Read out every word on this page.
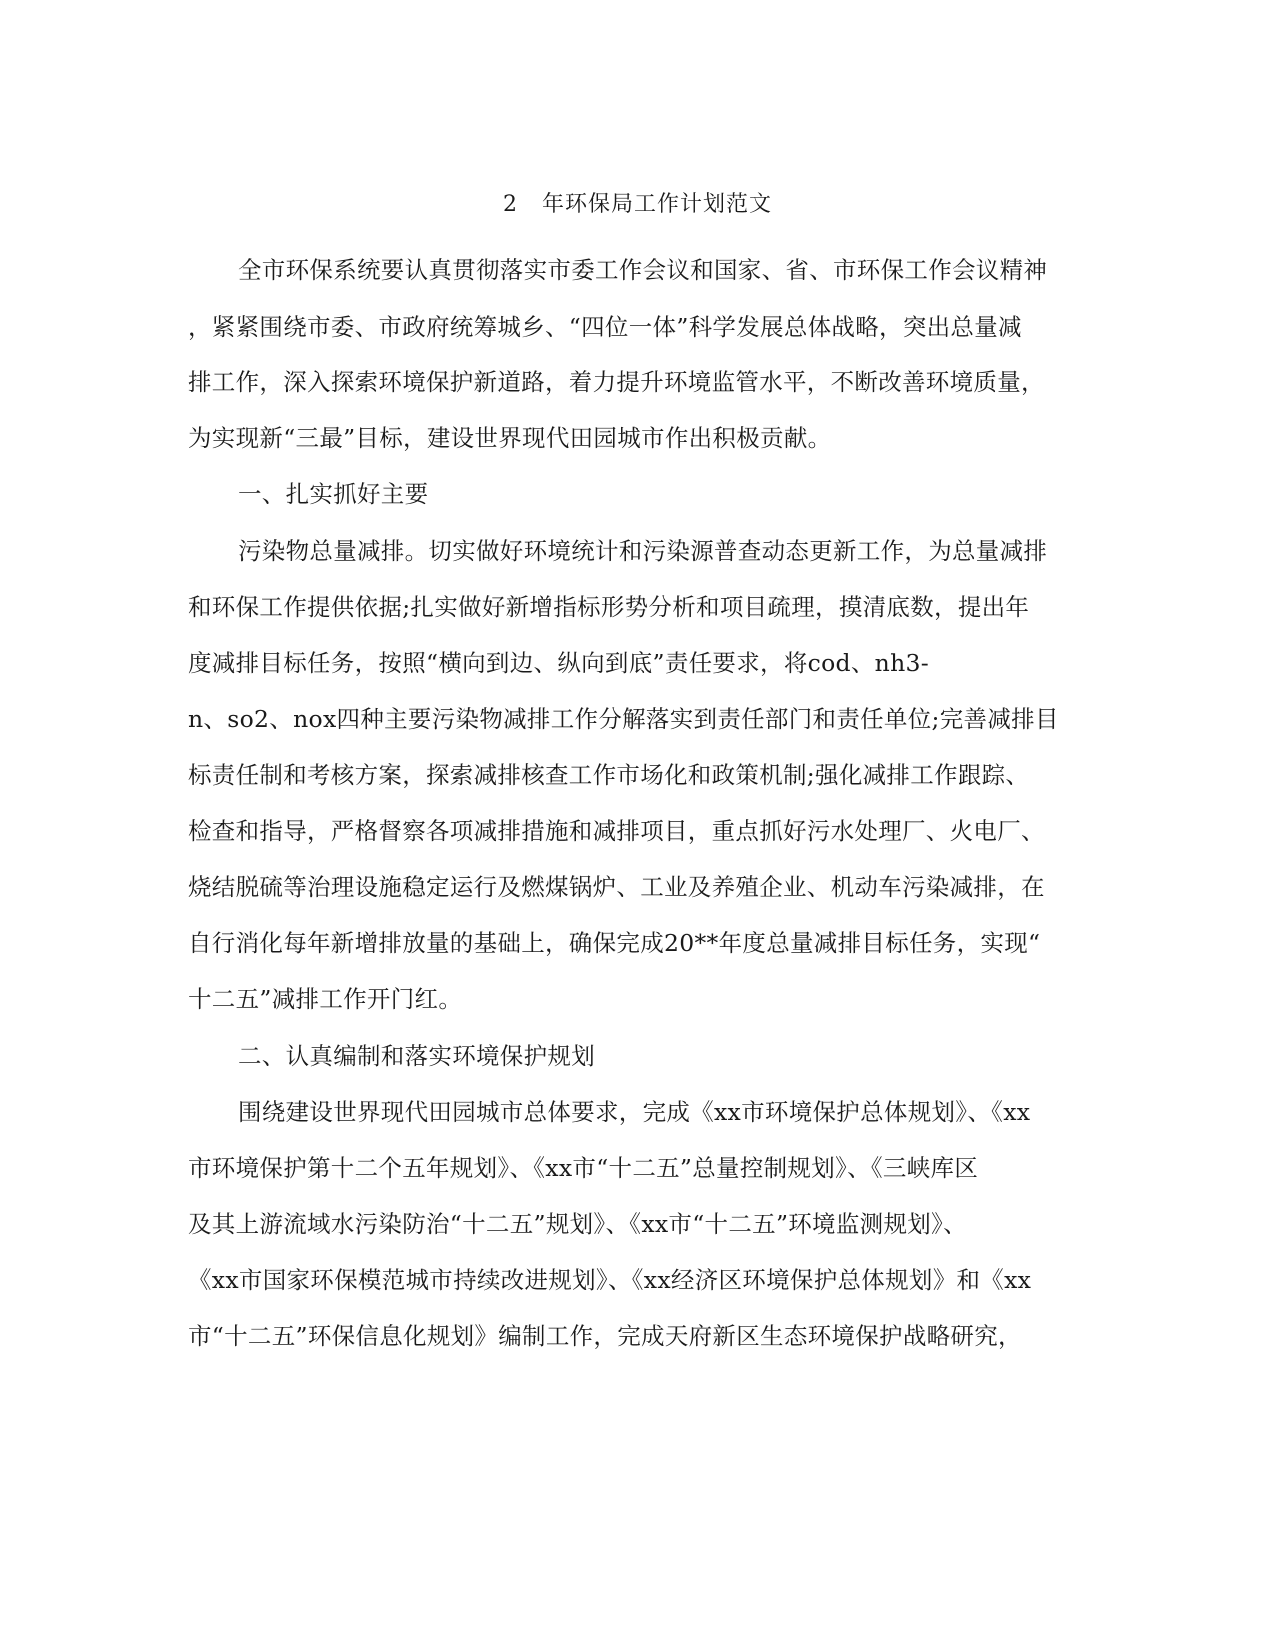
2   年环保局工作计划范文
全市环保系统要认真贯彻落实市委工作会议和国家、省、市环保工作会议精神
，紧紧围绕市委、市政府统筹城乡、“四位一体”科学发展总体战略，突出总量减
排工作，深入探索环境保护新道路，着力提升环境监管水平，不断改善环境质量，
为实现新“三最”目标，建设世界现代田园城市作出积极贡献。
一、扎实抓好主要
污染物总量减排。切实做好环境统计和污染源普查动态更新工作，为总量减排
和环保工作提供依据;扎实做好新增指标形势分析和项目疏理，摸清底数，提出年
度减排目标任务，按照“横向到边、纵向到底”责任要求，将cod、nh3-
n、so2、nox四种主要污染物减排工作分解落实到责任部门和责任单位;完善减排目
标责任制和考核方案，探索减排核查工作市场化和政策机制;强化减排工作跟踪、
检查和指导，严格督察各项减排措施和减排项目，重点抓好污水处理厂、火电厂、
烧结脱硫等治理设施稳定运行及燃煤锅炉、工业及养殖企业、机动车污染减排，在
自行消化每年新增排放量的基础上，确保完成20**年度总量减排目标任务，实现“
十二五”减排工作开门红。
二、认真编制和落实环境保护规划
围绕建设世界现代田园城市总体要求，完成《xx市环境保护总体规划》、《xx
市环境保护第十二个五年规划》、《xx市“十二五”总量控制规划》、《三峡库区
及其上游流域水污染防治“十二五”规划》、《xx市“十二五”环境监测规划》、
《xx市国家环保模范城市持续改进规划》、《xx经济区环境保护总体规划》和《xx
市“十二五”环保信息化规划》编制工作，完成天府新区生态环境保护战略研究，
